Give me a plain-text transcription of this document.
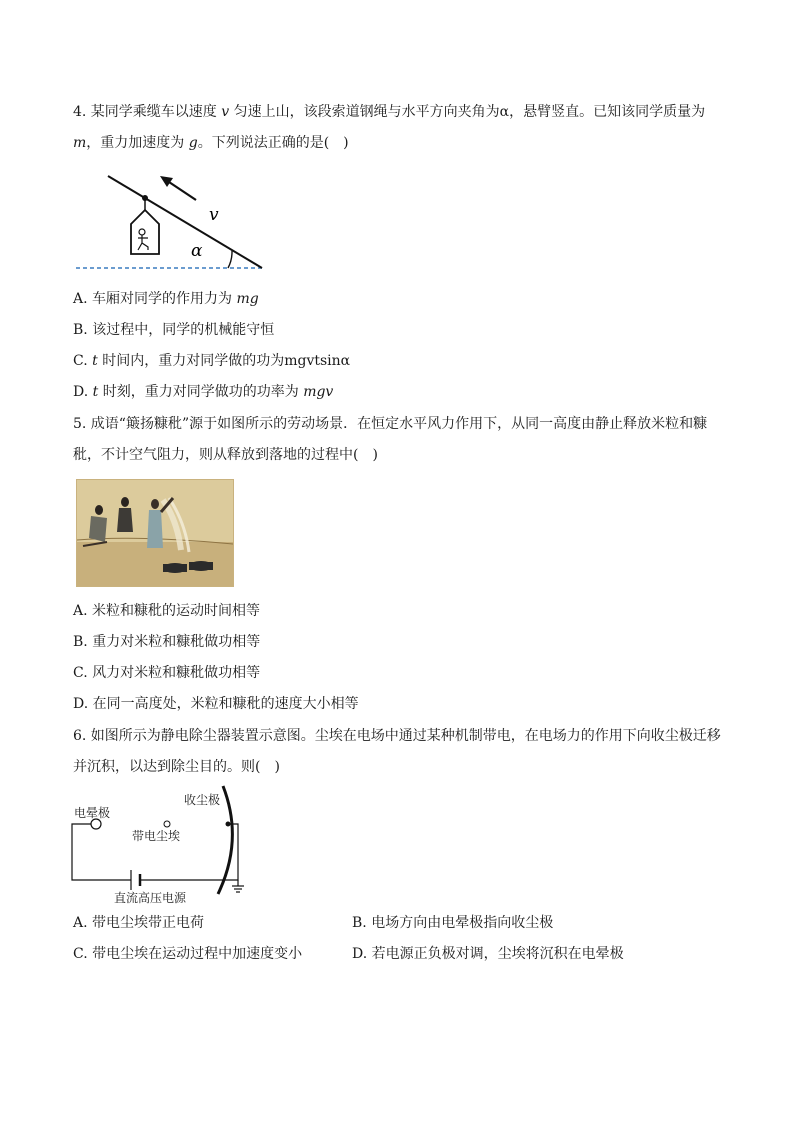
4. 某同学乘缆车以速度 v 匀速上山，该段索道钢绳与水平方向夹角为α，悬臂竖直。已知该同学质量为
m，重力加速度为 g。下列说法正确的是(　)
v
α
A. 车厢对同学的作用力为 mg
B. 该过程中，同学的机械能守恒
C. t 时间内，重力对同学做的功为mgvtsinα
D. t 时刻，重力对同学做功的功率为 mgv
5. 成语“簸扬糠秕”源于如图所示的劳动场景．在恒定水平风力作用下，从同一高度由静止释放米粒和糠
秕，不计空气阻力，则从释放到落地的过程中(　)
A. 米粒和糠秕的运动时间相等
B. 重力对米粒和糠秕做功相等
C. 风力对米粒和糠秕做功相等
D. 在同一高度处，米粒和糠秕的速度大小相等
6. 如图所示为静电除尘器装置示意图。尘埃在电场中通过某种机制带电，在电场力的作用下向收尘极迁移
并沉积，以达到除尘目的。则(　)
收尘极
电晕极
带电尘埃
直流高压电源
A. 带电尘埃带正电荷	B. 电场方向由电晕极指向收尘极
C. 带电尘埃在运动过程中加速度变小	D. 若电源正负极对调，尘埃将沉积在电晕极
